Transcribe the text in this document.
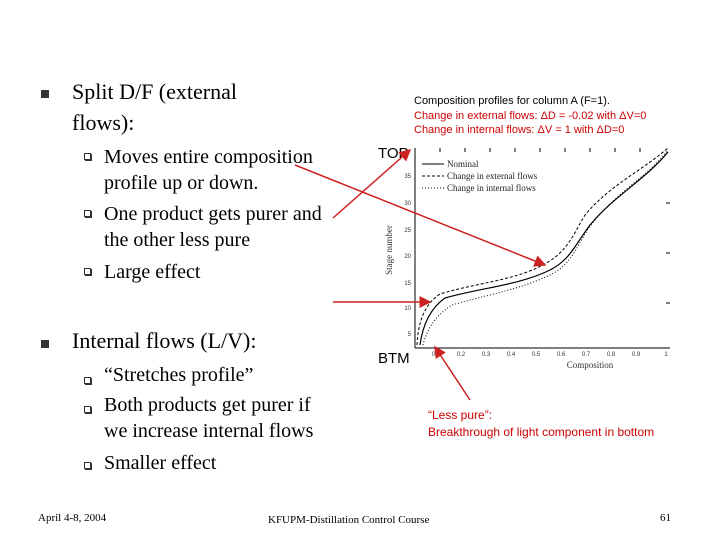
Split D/F (external
flows):
Moves entire composition
profile up or down.
One product gets purer and
the other less pure
Large effect
Internal flows (L/V):
“Stretches profile”
Both products get purer if
we increase internal flows
Smaller effect
Composition profiles for column A (F=1).
Change in external flows: ΔD = -0.02 with ΔV=0
Change in internal flows: ΔV = 1 with ΔD=0
TOP
BTM
35
30
25
20
15
10
5
0.1	0.2	0.3	0.4	0.5	0.6	0.7	0.8	0.9	1
Composition
Stage number
Nominal
Change in external flows
Change in internal flows
“Less pure”:
Breakthrough of light component in bottom
April 4-8, 2004	KFUPM-Distillation Control Course	61
